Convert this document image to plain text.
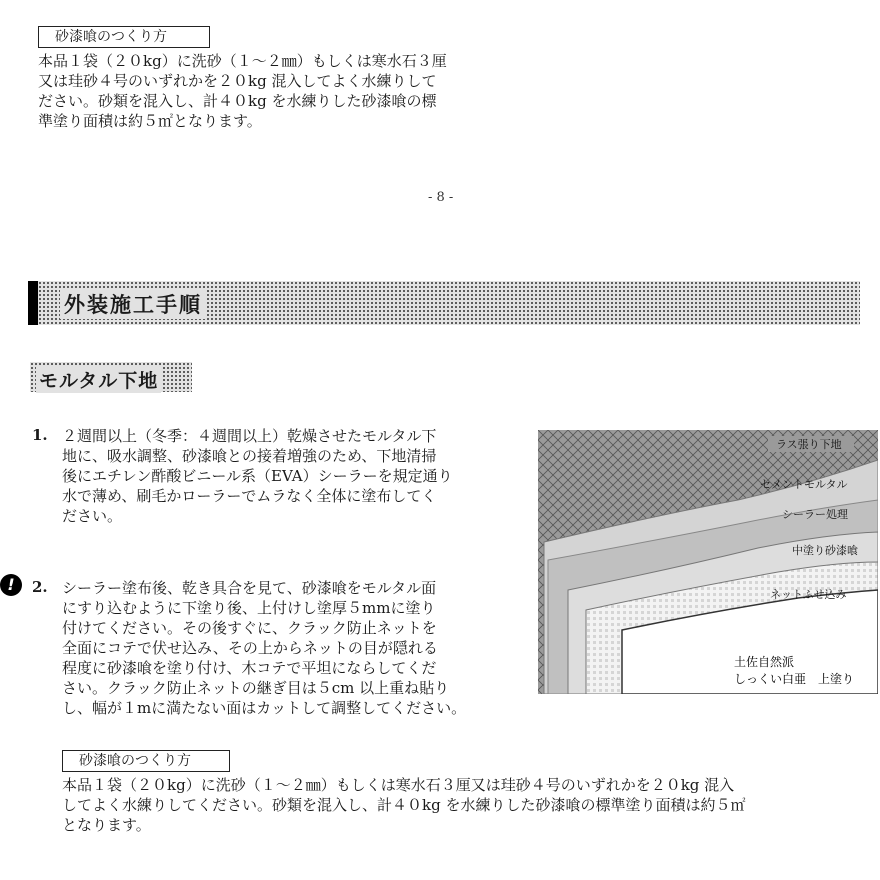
砂漆喰のつくり方
本品１袋（２０kg）に洗砂（１～２㎜）もしくは寒水石３厘
又は珪砂４号のいずれかを２０kg 混入してよく水練りして
ださい。砂類を混入し、計４０kg を水練りした砂漆喰の標
準塗り面積は約５㎡となります。
- 8 -
外装施工手順
モルタル下地
1. ２週間以上（冬季：４週間以上）乾燥させたモルタル下
地に、吸水調整、砂漆喰との接着増強のため、下地清掃
後にエチレン酢酸ビニール系（EVA）シーラーを規定通り
水で薄め、刷毛かローラーでムラなく全体に塗布してく
ださい。
!	2. シーラー塗布後、乾き具合を見て、砂漆喰をモルタル面
にすり込むように下塗り後、上付けし塗厚５mmに塗り
付けてください。その後すぐに、クラック防止ネットを
全面にコテで伏せ込み、その上からネットの目が隠れる
程度に砂漆喰を塗り付け、木コテで平坦にならしてくだ
さい。クラック防止ネットの継ぎ目は５cm 以上重ね貼り
し、幅が１mに満たない面はカットして調整してください。
ラス張り下地
セメントモルタル
シーラー処理
中塗り砂漆喰
ネットふせ込み
土佐自然派
しっくい白亜　上塗り
砂漆喰のつくり方
本品１袋（２０kg）に洗砂（１～２㎜）もしくは寒水石３厘又は珪砂４号のいずれかを２０kg 混入
してよく水練りしてください。砂類を混入し、計４０kg を水練りした砂漆喰の標準塗り面積は約５㎡
となります。
